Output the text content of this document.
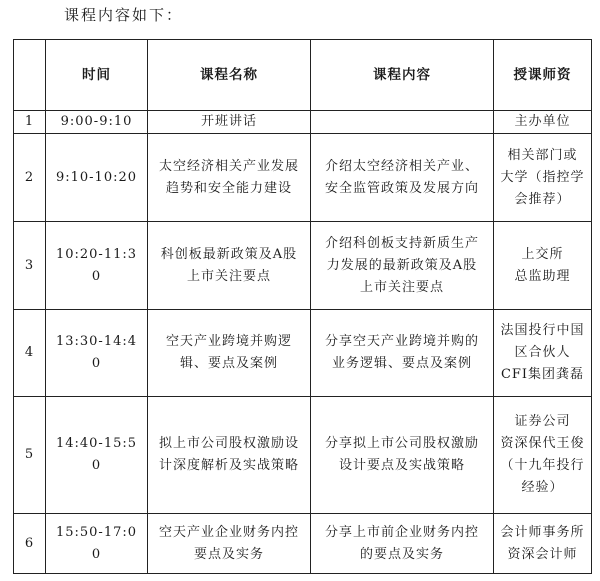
课程内容如下：
	时间	课程名称	课程内容	授课师资
1	9:00-9:10	开班讲话		主办单位
2	9:10-10:20	太空经济相关产业发展
趋势和安全能力建设	介绍太空经济相关产业、
安全监管政策及发展方向	相关部门或
大学（指控学
会推荐）
3	10:20-11:30	科创板最新政策及A股
上市关注要点	介绍科创板支持新质生产
力发展的最新政策及A股
上市关注要点	上交所
总监助理
4	13:30-14:40	空天产业跨境并购逻
辑、要点及案例	分享空天产业跨境并购的
业务逻辑、要点及案例	法国投行中国
区合伙人
CFI集团龚磊
5	14:40-15:50	拟上市公司股权激励设
计深度解析及实战策略	分享拟上市公司股权激励
设计要点及实战策略	证券公司
资深保代王俊
（十九年投行
经验）
6	15:50-17:00	空天产业企业财务内控
要点及实务	分享上市前企业财务内控
的要点及实务	会计师事务所
资深会计师
